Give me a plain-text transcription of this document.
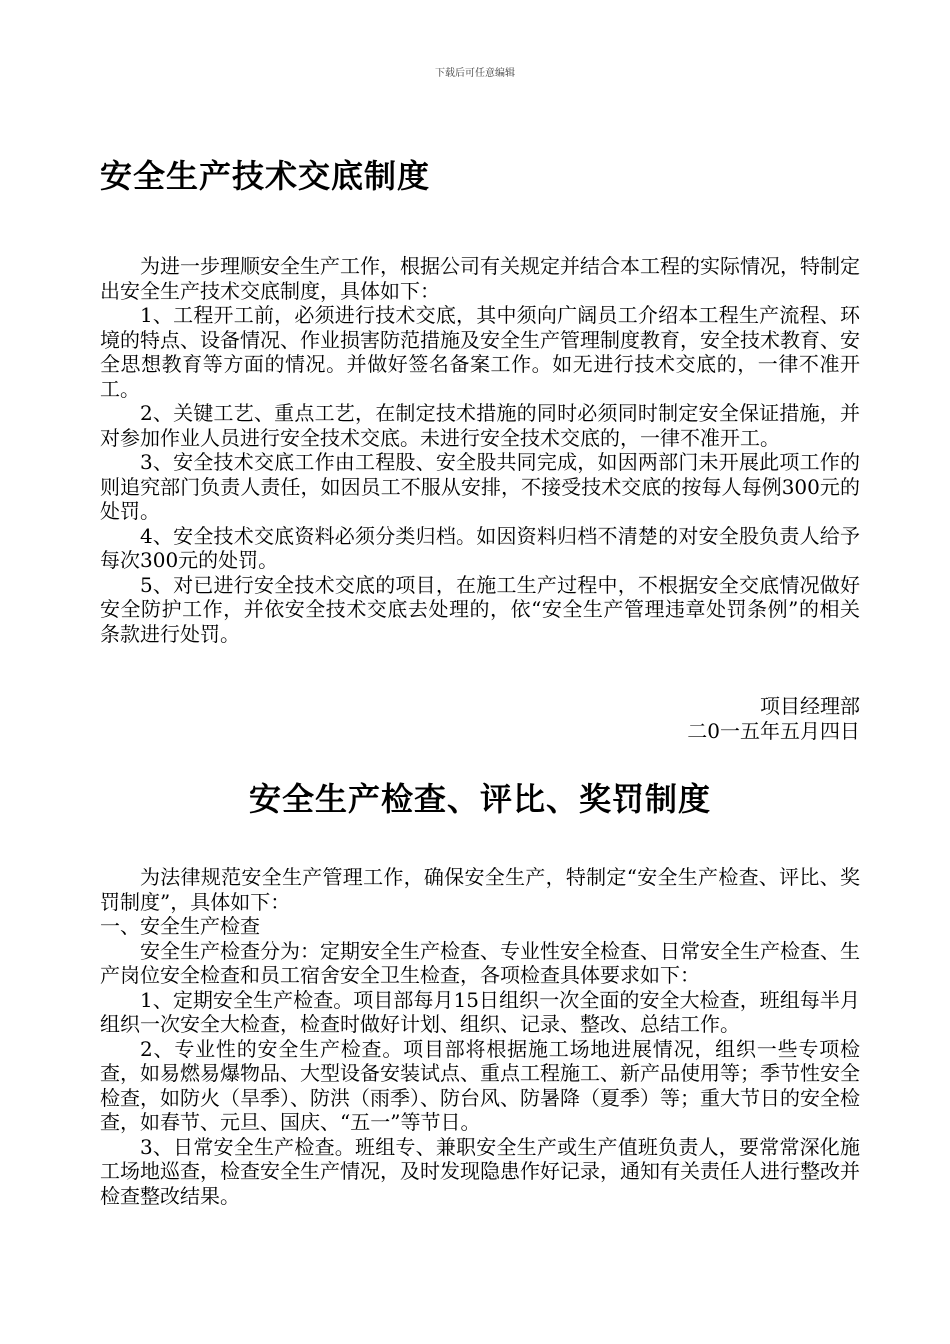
下载后可任意编辑
安全生产技术交底制度

为进一步理顺安全生产工作，根据公司有关规定并结合本工程的实际情况，特制定出安全生产技术交底制度，具体如下：

1、工程开工前，必须进行技术交底，其中须向广阔员工介绍本工程生产流程、环境的特点、设备情况、作业损害防范措施及安全生产管理制度教育，安全技术教育、安全思想教育等方面的情况。并做好签名备案工作。如无进行技术交底的，一律不准开工。

2、关键工艺、重点工艺，在制定技术措施的同时必须同时制定安全保证措施，并对参加作业人员进行安全技术交底。未进行安全技术交底的，一律不准开工。

3、安全技术交底工作由工程股、安全股共同完成，如因两部门未开展此项工作的则追究部门负责人责任，如因员工不服从安排，不接受技术交底的按每人每例300元的处罚。

4、安全技术交底资料必须分类归档。如因资料归档不清楚的对安全股负责人给予每次300元的处罚。

5、对已进行安全技术交底的项目，在施工生产过程中，不根据安全交底情况做好安全防护工作，并依安全技术交底去处理的，依“安全生产管理违章处罚条例”的相关条款进行处罚。

项目经理部

二0一五年五月四日

安全生产检查、评比、奖罚制度

为法律规范安全生产管理工作，确保安全生产，特制定“安全生产检查、评比、奖罚制度”，具体如下：

一、安全生产检查

安全生产检查分为：定期安全生产检查、专业性安全检查、日常安全生产检查、生产岗位安全检查和员工宿舍安全卫生检查，各项检查具体要求如下：

1、定期安全生产检查。项目部每月15日组织一次全面的安全大检查，班组每半月组织一次安全大检查，检查时做好计划、组织、记录、整改、总结工作。

2、专业性的安全生产检查。项目部将根据施工场地进展情况，组织一些专项检查，如易燃易爆物品、大型设备安装试点、重点工程施工、新产品使用等；季节性安全检查，如防火（旱季）、防洪（雨季）、防台风、防暑降（夏季）等；重大节日的安全检查，如春节、元旦、国庆、“五一”等节日。

3、日常安全生产检查。班组专、兼职安全生产或生产值班负责人，要常常深化施工场地巡查，检查安全生产情况，及时发现隐患作好记录，通知有关责任人进行整改并检查整改结果。
